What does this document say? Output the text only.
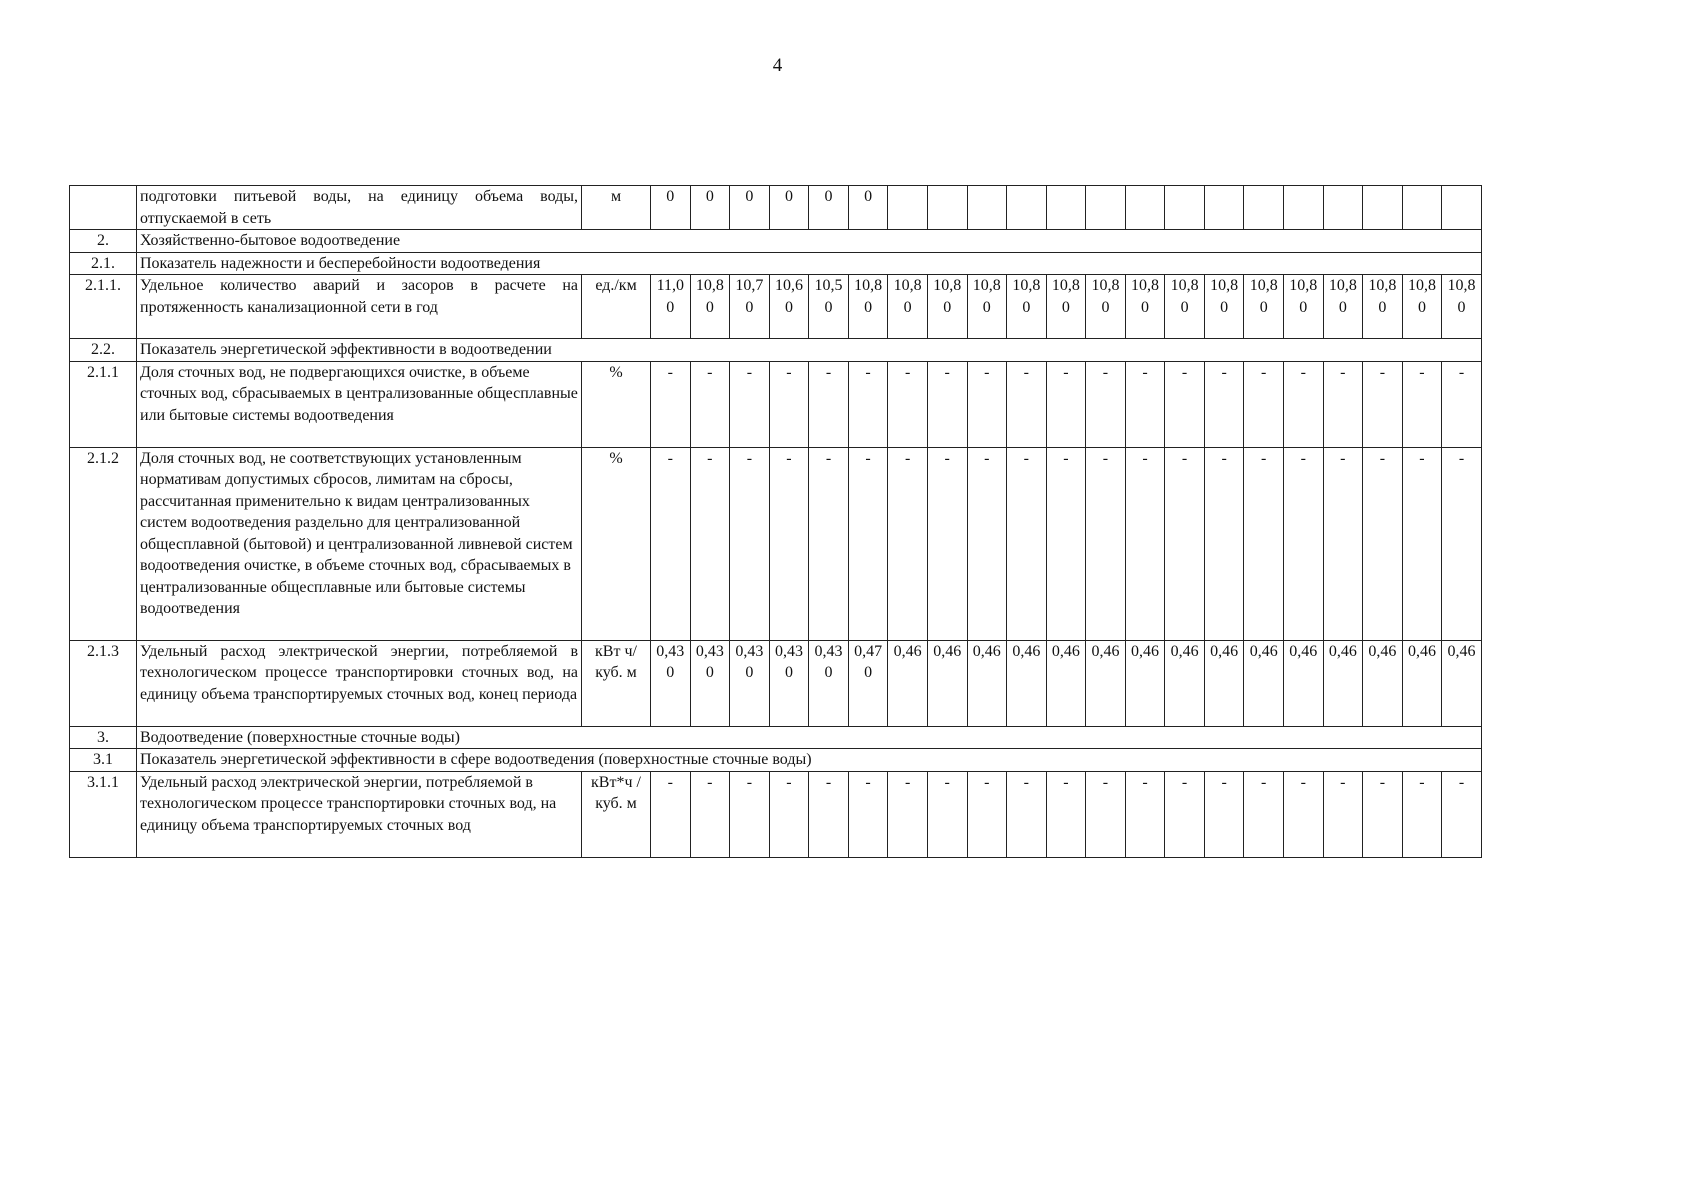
4
	подготовки питьевой воды, на единицу объема воды, отпускаемой в сеть	м	0	0	0	0	0	0															
2.	Хозяйственно-бытовое водоотведение																						
2.1.	Показатель надежности и бесперебойности водоотведения																						
2.1.1.	Удельное количество аварий и засоров в расчете на протяженность канализационной сети в год	ед./км	11,00	10,80	10,70	10,60	10,50	10,80	10,80	10,80	10,80	10,80	10,80	10,80	10,80	10,80	10,80	10,80	10,80	10,80	10,80	10,80	10,80
2.2.	Показатель энергетической эффективности в водоотведении																						
2.1.1	Доля сточных вод, не подвергающихся очистке, в объеме сточных вод, сбрасываемых в централизованные общесплавные или бытовые системы водоотведения	%	-	-	-	-	-	-	-	-	-	-	-	-	-	-	-	-	-	-	-	-	-
2.1.2	Доля сточных вод, не соответствующих установленным нормативам допустимых сбросов, лимитам на сбросы, рассчитанная применительно к видам централизованных систем водоотведения раздельно для централизованной общесплавной (бытовой) и централизованной ливневой систем водоотведения очистке, в объеме сточных вод, сбрасываемых в централизованные общесплавные или бытовые системы водоотведения	%	-	-	-	-	-	-	-	-	-	-	-	-	-	-	-	-	-	-	-	-	-
2.1.3	Удельный расход электрической энергии, потребляемой в технологическом процессе транспортировки сточных вод, на единицу объема транспортируемых сточных вод, конец периода	кВт ч/ куб. м	0,430	0,430	0,430	0,430	0,430	0,470	0,46	0,46	0,46	0,46	0,46	0,46	0,46	0,46	0,46	0,46	0,46	0,46	0,46	0,46	0,46
3.	Водоотведение (поверхностные сточные воды)																						
3.1	Показатель энергетической эффективности в сфере водоотведения (поверхностные сточные воды)																						
3.1.1	Удельный расход электрической энергии, потребляемой в технологическом процессе транспортировки сточных вод, на единицу объема транспортируемых сточных вод	кВт*ч /куб. м	-	-	-	-	-	-	-	-	-	-	-	-	-	-	-	-	-	-	-	-	-
